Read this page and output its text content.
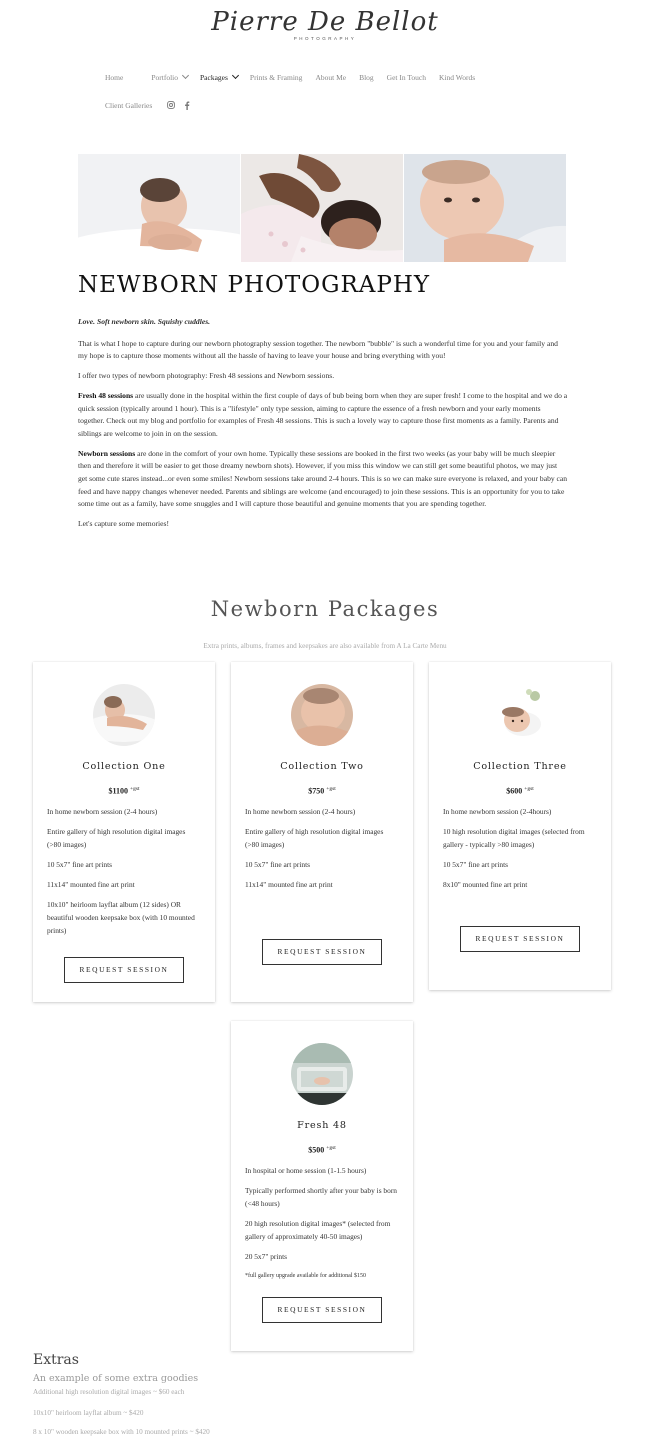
Pierre De Bellot
PHOTOGRAPHY
Home	Portfolio	Packages	Prints & Framing About Me Blog Get In Touch Kind Words
Client Galleries
NEWBORN PHOTOGRAPHY

Love. Soft newborn skin. Squishy cuddles.

That is what I hope to capture during our newborn photography session together. The newborn "bubble" is such a wonderful time for you and your family and my hope is to capture those moments without all the hassle of having to leave your house and bring everything with you!

I offer two types of newborn photography: Fresh 48 sessions and Newborn sessions.

Fresh 48 sessions are usually done in the hospital within the first couple of days of bub being born when they are super fresh! I come to the hospital and we do a quick session (typically around 1 hour). This is a "lifestyle" only type session, aiming to capture the essence of a fresh newborn and your early moments together. Check out my blog and portfolio for examples of Fresh 48 sessions. This is such a lovely way to capture those first moments as a family. Parents and siblings are welcome to join in on the session.

Newborn sessions are done in the comfort of your own home. Typically these sessions are booked in the first two weeks (as your baby will be much sleepier then and therefore it will be easier to get those dreamy newborn shots). However, if you miss this window we can still get some beautiful photos, we may just get some cute stares instead...or even some smiles! Newborn sessions take around 2-4 hours. This is so we can make sure everyone is relaxed, and your baby can feed and have nappy changes whenever needed. Parents and siblings are welcome (and encouraged) to join these sessions. This is an opportunity for you to take some time out as a family, have some snuggles and I will capture those beautiful and genuine moments that you are spending together.

Let's capture some memories!

Newborn Packages
Extra prints, albums, frames and keepsakes are also available from A La Carte Menu
Collection One
$1100 $^{+gst}$
In home newborn session (2-4 hours)
Entire gallery of high resolution digital images (>80 images)
10 5x7" fine art prints
11x14" mounted fine art print
10x10" heirloom layflat album (12 sides) OR beautiful wooden keepsake box (with 10 mounted prints)
REQUEST SESSION
Collection Two
$750 $^{+gst}$
In home newborn session (2-4 hours)
Entire gallery of high resolution digital images (>80 images)
10 5x7" fine art prints
11x14" mounted fine art print
REQUEST SESSION
Collection Three
$600 $^{+gst}$
In home newborn session (2-4hours)
10 high resolution digital images (selected from gallery - typically >80 images)
10 5x7" fine art prints
8x10" mounted fine art print
REQUEST SESSION
Fresh 48
$500 $^{+gst}$
In hospital or home session (1-1.5 hours)
Typically performed shortly after your baby is born (<48 hours)
20 high resolution digital images* (selected from gallery of approximately 40-50 images)
20 5x7" prints
*full gallery upgrade available for additional $150
REQUEST SESSION
Extras
An example of some extra goodies
Additional high resolution digital images ~ $60 each
10x10" heirloom layflat album ~ $420
8 x 10" wooden keepsake box with 10 mounted prints ~ $420
